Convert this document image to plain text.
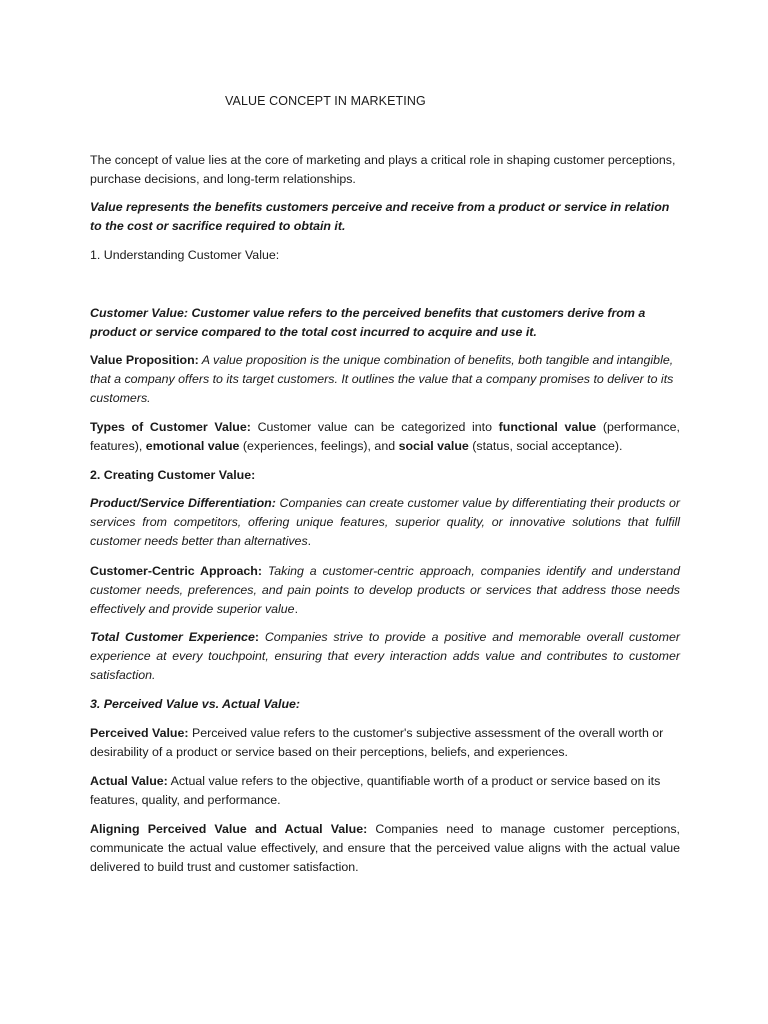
VALUE CONCEPT IN MARKETING

The concept of value lies at the core of marketing and plays a critical role in shaping customer perceptions, purchase decisions, and long-term relationships.

Value represents the benefits customers perceive and receive from a product or service in relation to the cost or sacrifice required to obtain it.

1. Understanding Customer Value:

Customer Value: Customer value refers to the perceived benefits that customers derive from a product or service compared to the total cost incurred to acquire and use it.

Value Proposition: A value proposition is the unique combination of benefits, both tangible and intangible, that a company offers to its target customers. It outlines the value that a company promises to deliver to its customers.

Types of Customer Value: Customer value can be categorized into functional value (performance, features), emotional value (experiences, feelings), and social value (status, social acceptance).

2. Creating Customer Value:

Product/Service Differentiation: Companies can create customer value by differentiating their products or services from competitors, offering unique features, superior quality, or innovative solutions that fulfill customer needs better than alternatives.

Customer-Centric Approach: Taking a customer-centric approach, companies identify and understand customer needs, preferences, and pain points to develop products or services that address those needs effectively and provide superior value.

Total Customer Experience: Companies strive to provide a positive and memorable overall customer experience at every touchpoint, ensuring that every interaction adds value and contributes to customer satisfaction.

3. Perceived Value vs. Actual Value:

Perceived Value: Perceived value refers to the customer's subjective assessment of the overall worth or desirability of a product or service based on their perceptions, beliefs, and experiences.

Actual Value: Actual value refers to the objective, quantifiable worth of a product or service based on its features, quality, and performance.

Aligning Perceived Value and Actual Value: Companies need to manage customer perceptions, communicate the actual value effectively, and ensure that the perceived value aligns with the actual value delivered to build trust and customer satisfaction.
